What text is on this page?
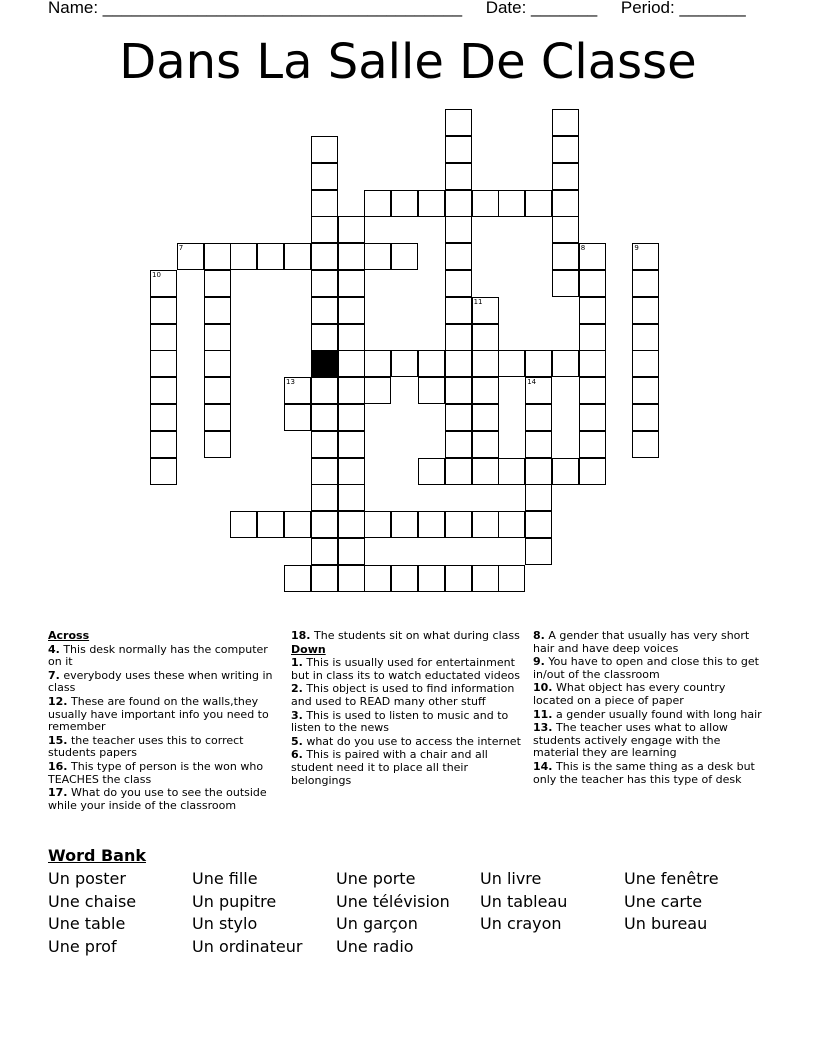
Name: ______________________________________ Date: _______ Period: _______
Dans La Salle De Classe
12
7	8	9
10
11
13	14

Across

4. This desk normally has the computer on it

7. everybody uses these when writing in class

12. These are found on the walls,they usually have important info you need to remember

15. the teacher uses this to correct students papers

16. This type of person is the won who TEACHES the class

17. What do you use to see the outside while your inside of the classroom

18. The students sit on what during class

Down

1. This is usually used for entertainment but in class its to watch eductated videos

2. This object is used to find information and used to READ many other stuff

3. This is used to listen to music and to listen to the news

5. what do you use to access the internet

6. This is paired with a chair and all student need it to place all their belongings

8. A gender that usually has very short hair and have deep voices

9. You have to open and close this to get in/out of the classroom

10. What object has every country located on a piece of paper

11. a gender usually found with long hair

13. The teacher uses what to allow students actively engage with the material they are learning

14. This is the same thing as a desk but only the teacher has this type of desk

Word Bank
Un poster	Une fille	Une porte	Un livre	Une fenêtre
Une chaise	Un pupitre	Une télévision	Un tableau	Une carte
Une table	Un stylo	Un garçon	Un crayon	Un bureau
Une prof	Un ordinateur	Une radio
